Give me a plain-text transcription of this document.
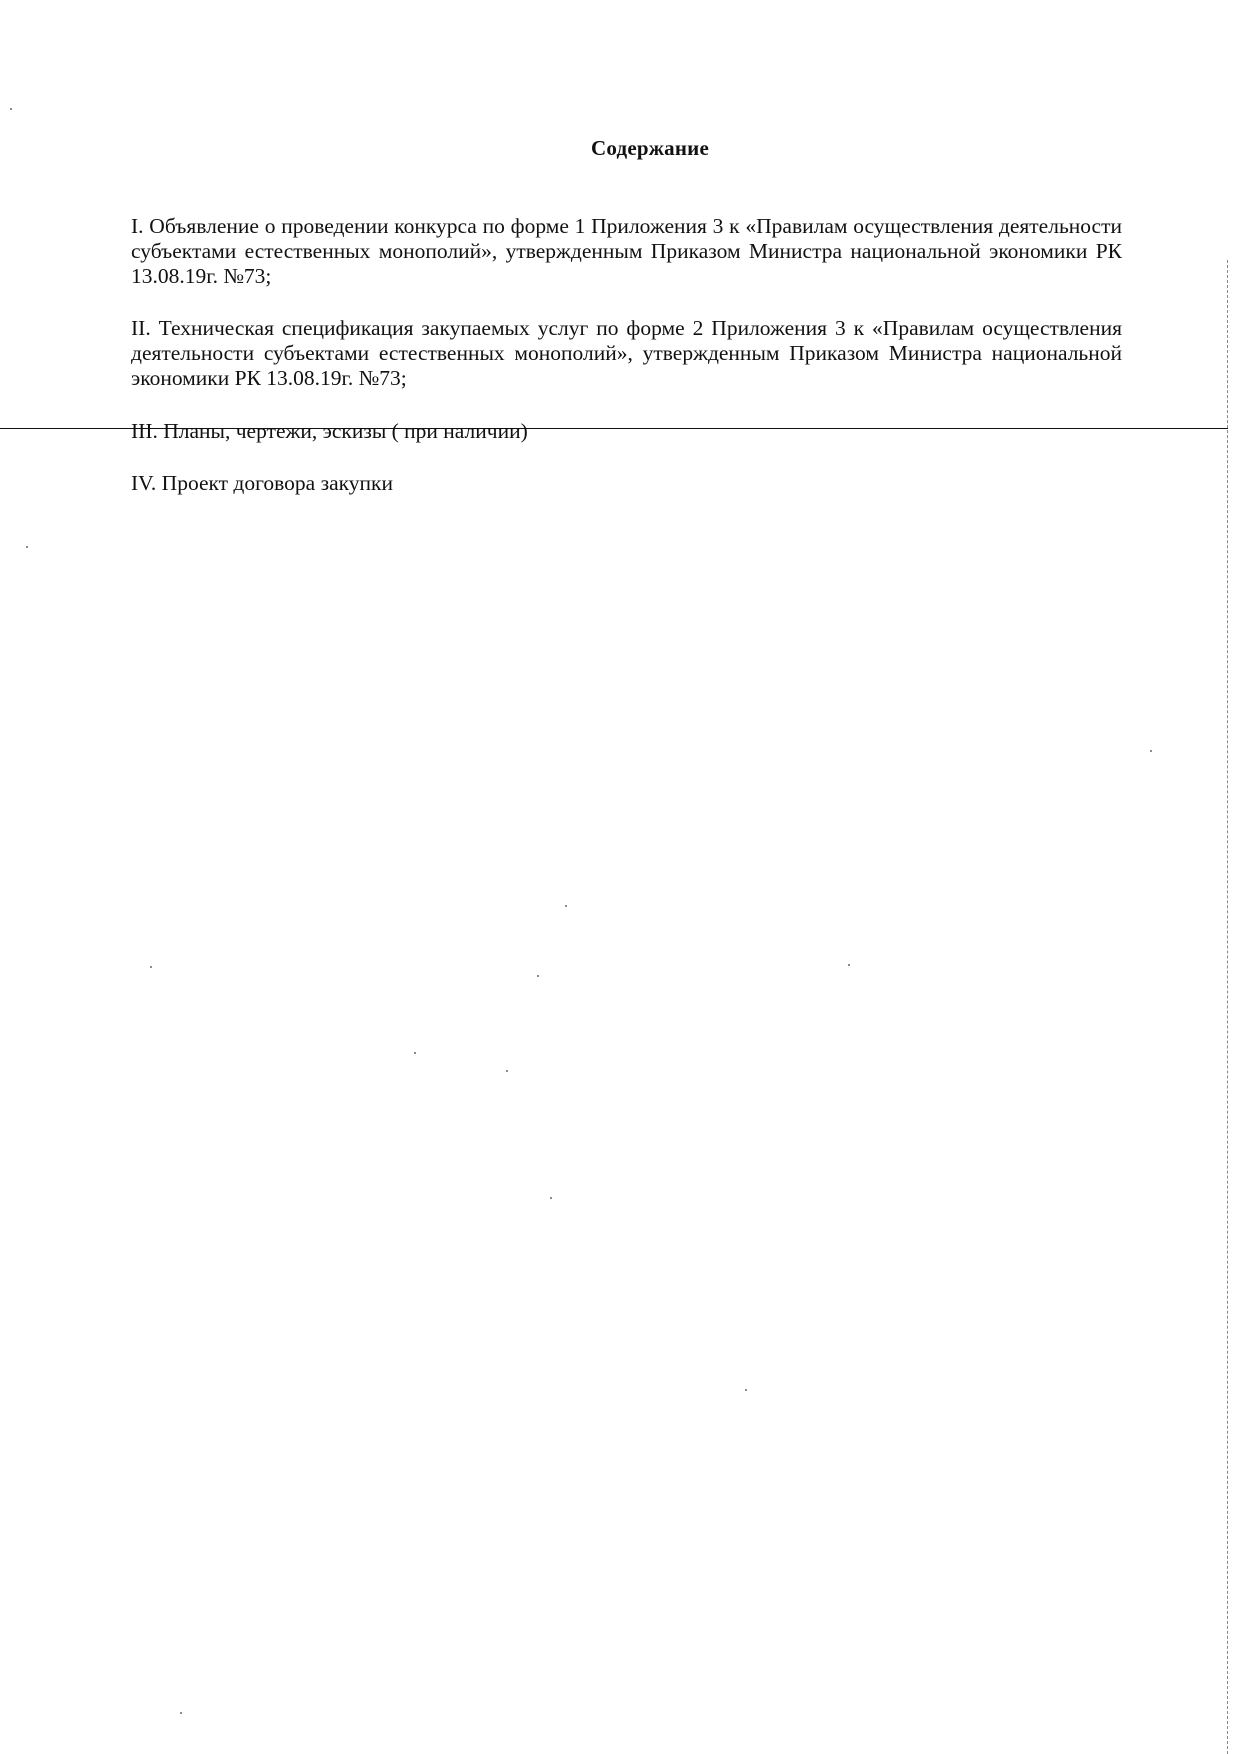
Содержание

I. Объявление о проведении конкурса по форме 1 Приложения 3 к «Правилам осуществления деятельности субъектами естественных монополий», утвержденным Приказом Министра национальной экономики РК 13.08.19г. №73;

II. Техническая спецификация закупаемых услуг по форме 2 Приложения 3 к «Правилам осуществления деятельности субъектами естественных монополий», утвержденным Приказом Министра национальной экономики РК 13.08.19г. №73;

III. Планы, чертежи, эскизы ( при наличии)

IV. Проект договора закупки
